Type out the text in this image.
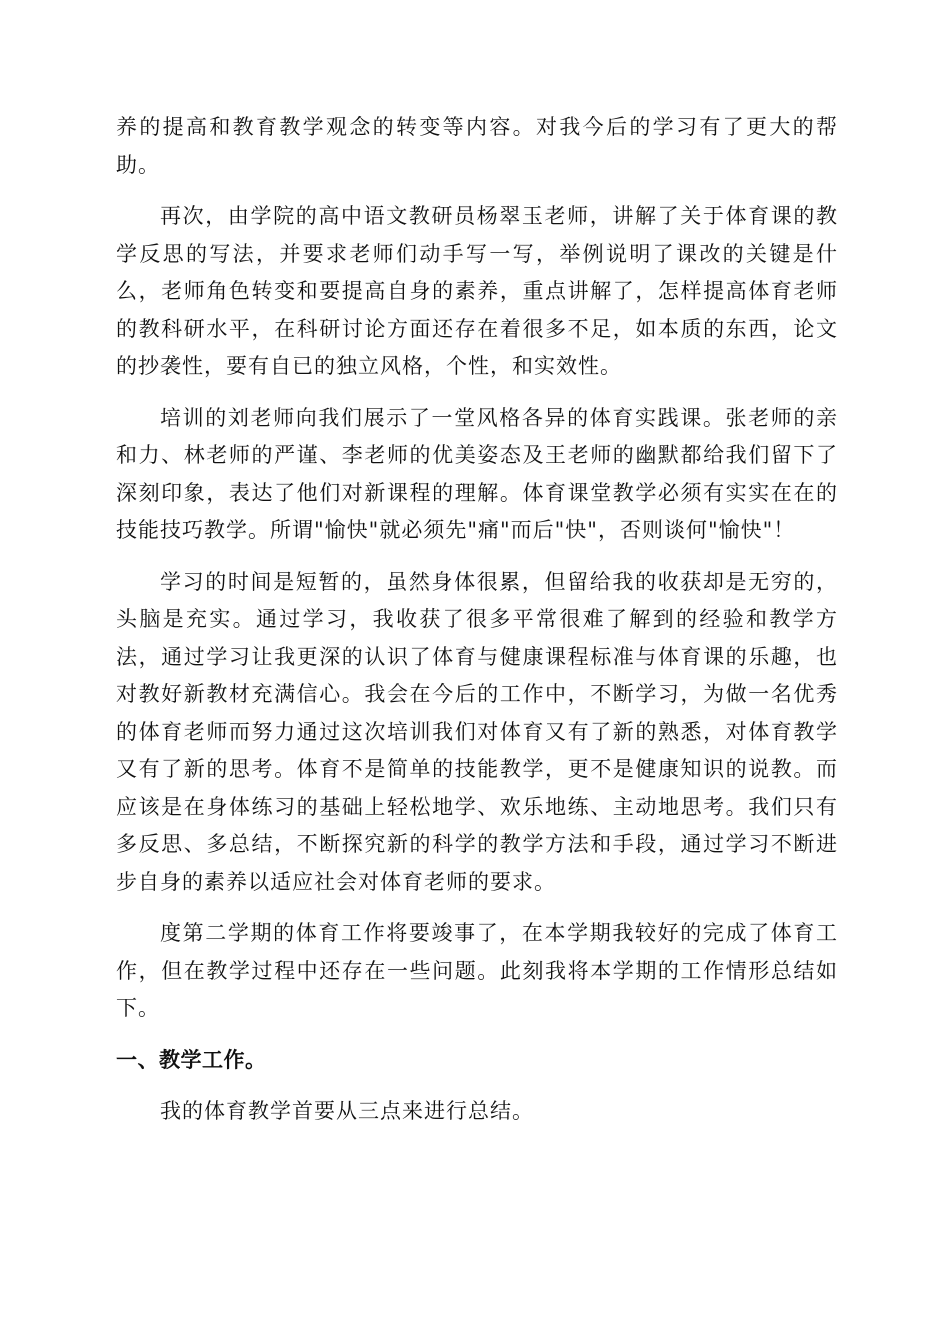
养的提高和教育教学观念的转变等内容。对我今后的学习有了更大的帮助。

再次，由学院的高中语文教研员杨翠玉老师，讲解了关于体育课的教学反思的写法，并要求老师们动手写一写，举例说明了课改的关键是什么，老师角色转变和要提高自身的素养，重点讲解了，怎样提高体育老师的教科研水平，在科研讨论方面还存在着很多不足，如本质的东西，论文的抄袭性，要有自已的独立风格，个性，和实效性。

培训的刘老师向我们展示了一堂风格各异的体育实践课。张老师的亲和力、林老师的严谨、李老师的优美姿态及王老师的幽默都给我们留下了深刻印象，表达了他们对新课程的理解。体育课堂教学必须有实实在在的技能技巧教学。所谓"愉快"就必须先"痛"而后"快"，否则谈何"愉快"！

学习的时间是短暂的，虽然身体很累，但留给我的收获却是无穷的，头脑是充实。通过学习，我收获了很多平常很难了解到的经验和教学方法，通过学习让我更深的认识了体育与健康课程标准与体育课的乐趣，也对教好新教材充满信心。我会在今后的工作中，不断学习，为做一名优秀的体育老师而努力通过这次培训我们对体育又有了新的熟悉，对体育教学又有了新的思考。体育不是简单的技能教学，更不是健康知识的说教。而应该是在身体练习的基础上轻松地学、欢乐地练、主动地思考。我们只有多反思、多总结，不断探究新的科学的教学方法和手段，通过学习不断进步自身的素养以适应社会对体育老师的要求。

度第二学期的体育工作将要竣事了，在本学期我较好的完成了体育工作，但在教学过程中还存在一些问题。此刻我将本学期的工作情形总结如下。

一、教学工作。

我的体育教学首要从三点来进行总结。
